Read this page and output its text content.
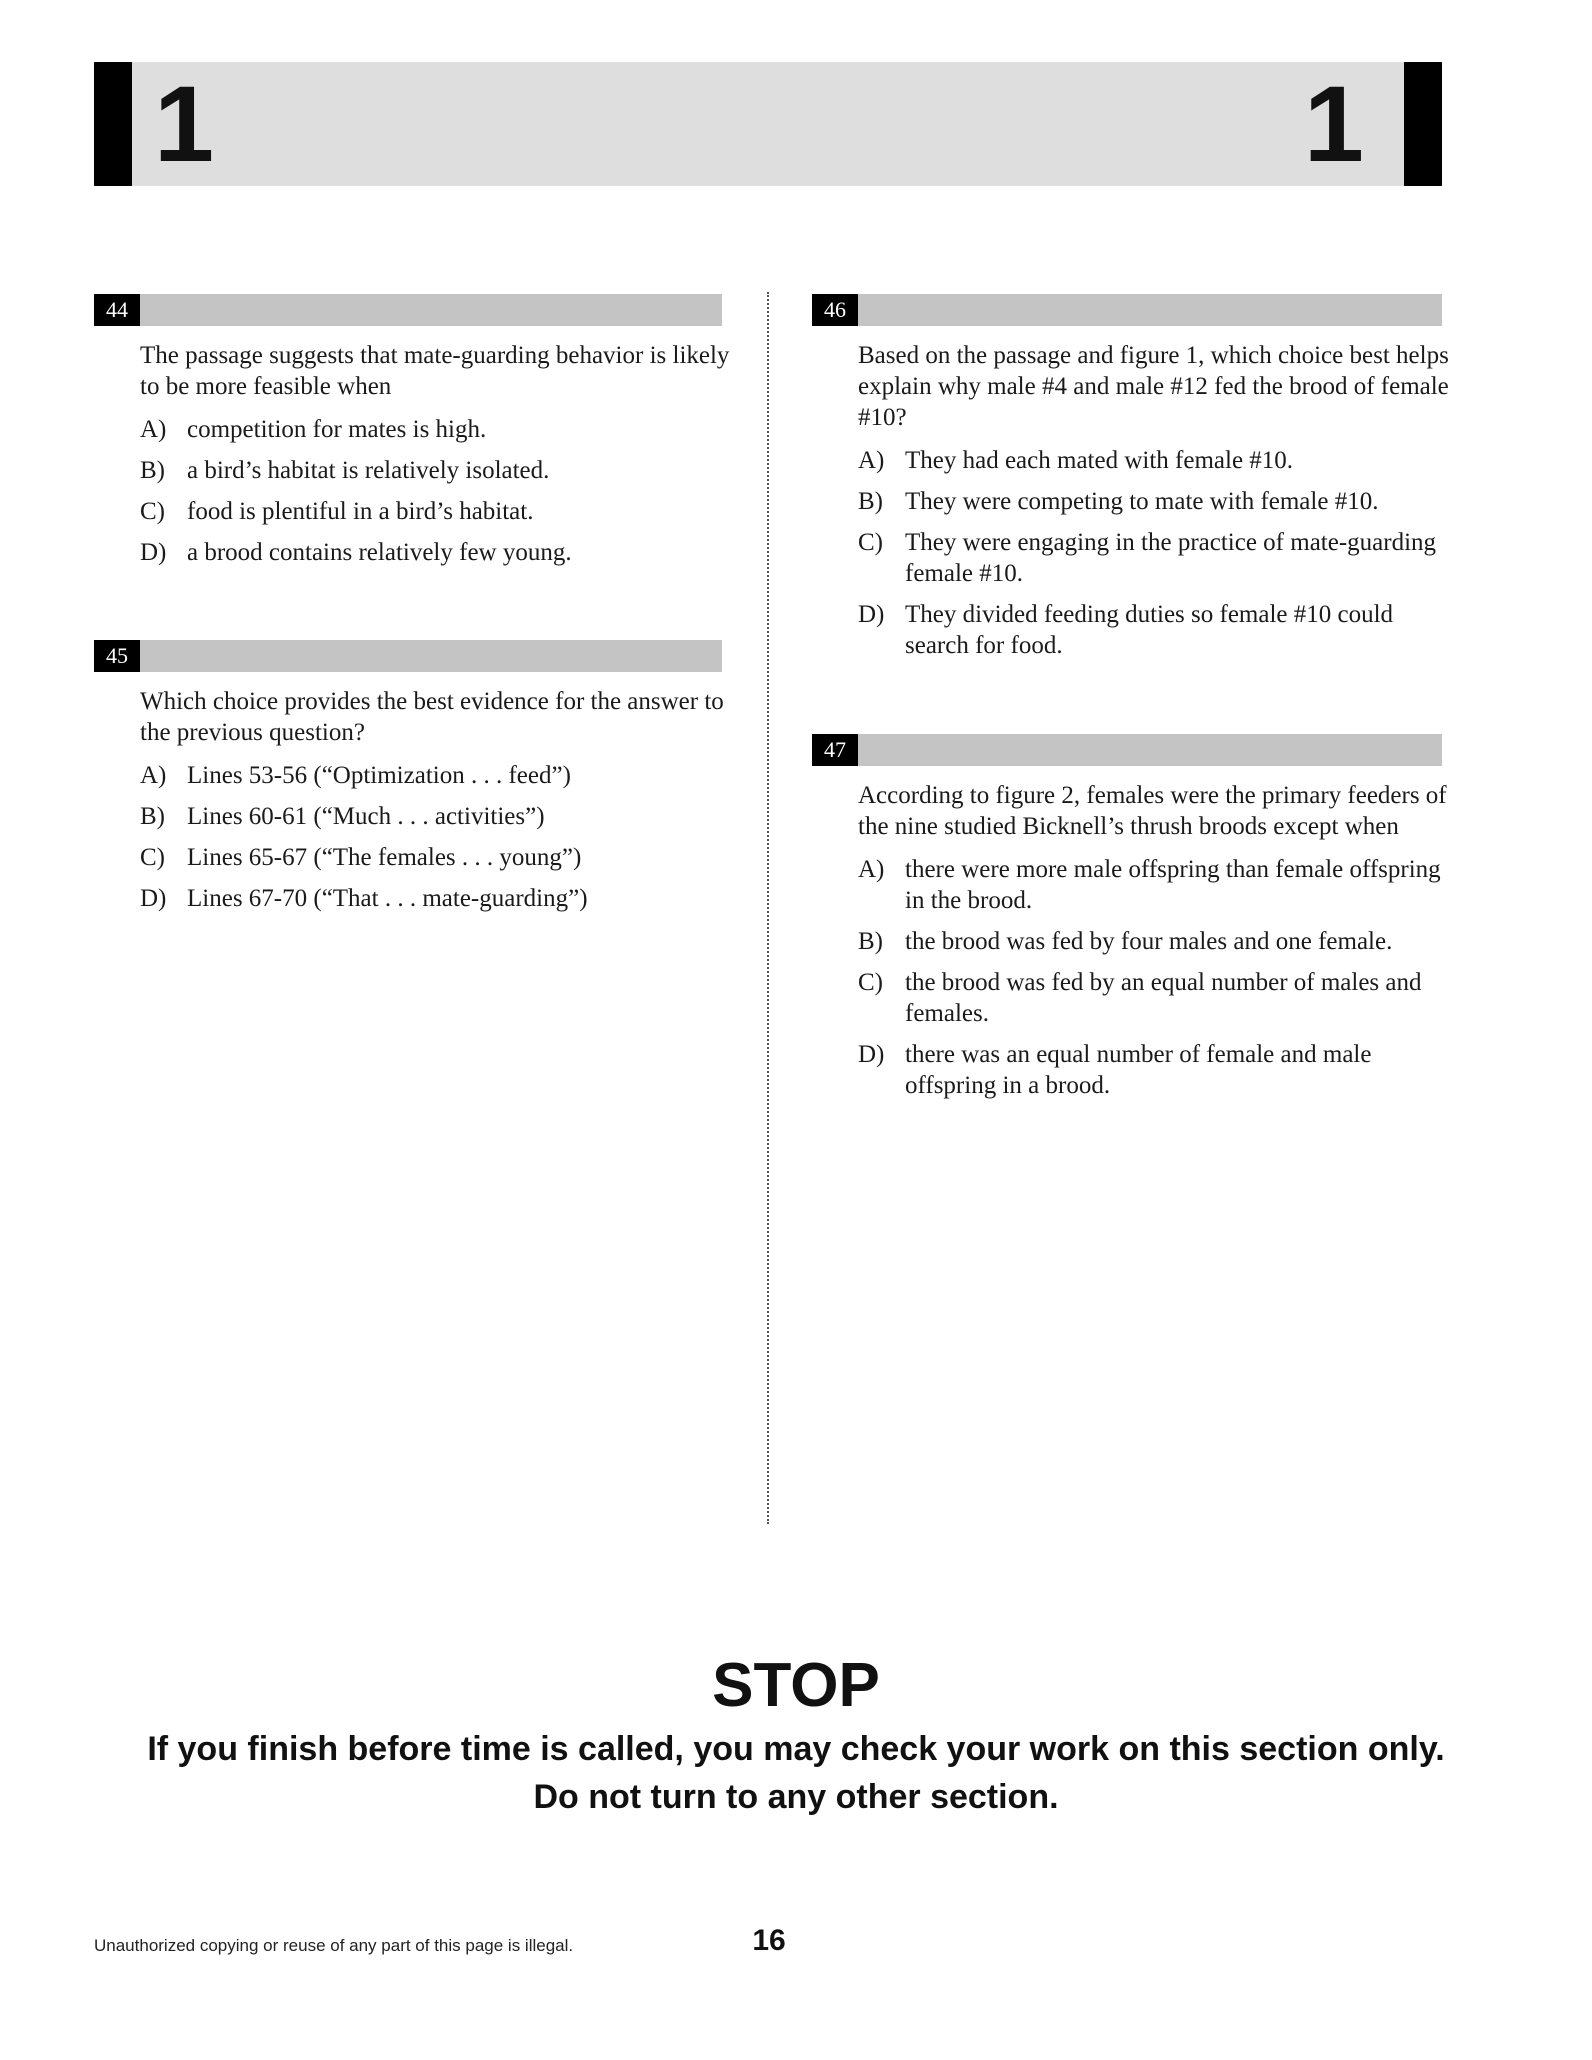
1	1
44
The passage suggests that mate-guarding behavior is likely to be more feasible when
A) competition for mates is high.
B) a bird’s habitat is relatively isolated.
C) food is plentiful in a bird’s habitat.
D) a brood contains relatively few young.
45
Which choice provides the best evidence for the answer to the previous question?
A) Lines 53-56 (“Optimization . . . feed”)
B) Lines 60-61 (“Much . . . activities”)
C) Lines 65-67 (“The females . . . young”)
D) Lines 67-70 (“That . . . mate-guarding”)
46
Based on the passage and figure 1, which choice best helps explain why male #4 and male #12 fed the brood of female #10?
A) They had each mated with female #10.
B) They were competing to mate with female #10.
C) They were engaging in the practice of mate-guarding female #10.
D) They divided feeding duties so female #10 could search for food.
47
According to figure 2, females were the primary feeders of the nine studied Bicknell’s thrush broods except when
A) there were more male offspring than female offspring in the brood.
B) the brood was fed by four males and one female.
C) the brood was fed by an equal number of males and females.
D) there was an equal number of female and male offspring in a brood.
STOP
If you finish before time is called, you may check your work on this section only.
Do not turn to any other section.
Unauthorized copying or reuse of any part of this page is illegal.	16
